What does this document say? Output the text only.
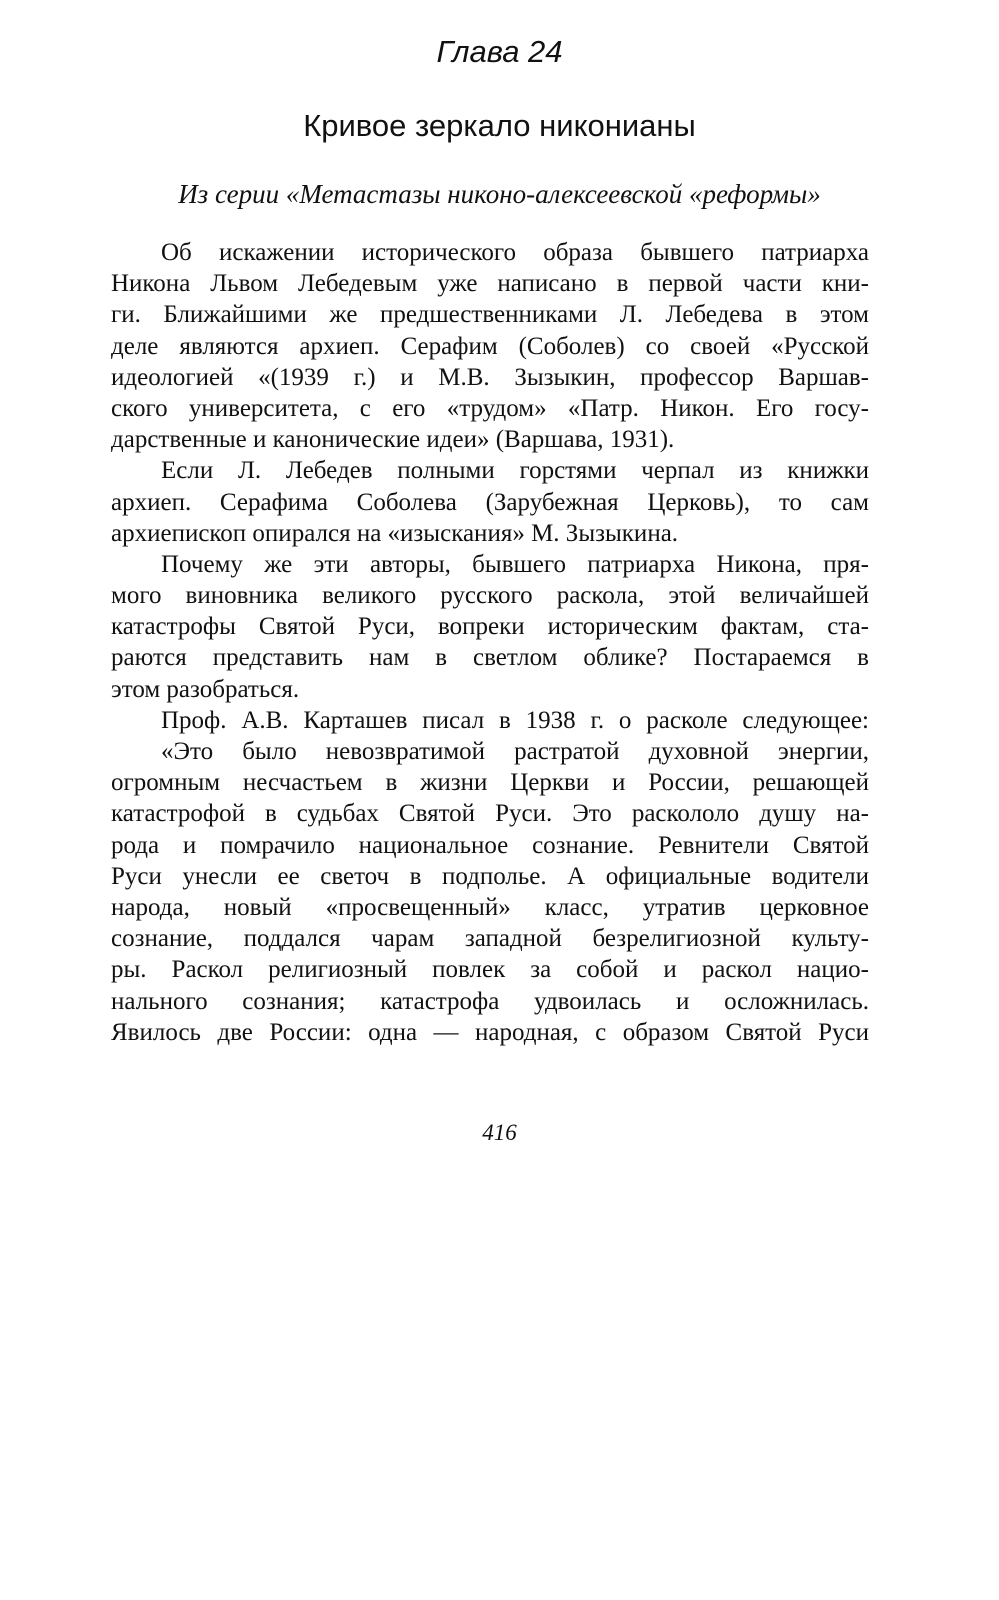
Глава 24
Кривое зеркало никонианы
Из серии «Метастазы никоно-алексеевской «реформы»
Об искажении исторического образа бывшего патриарха
Никона Львом Лебедевым уже написано в первой части кни-
ги. Ближайшими же предшественниками Л. Лебедева в этом
деле являются архиеп. Серафим (Соболев) со своей «Русской
идеологией «(1939 г.) и М.В. Зызыкин, профессор Варшав-
ского университета, с его «трудом» «Патр. Никон. Его госу-
дарственные и канонические идеи» (Варшава, 1931).
Если Л. Лебедев полными горстями черпал из книжки
архиеп. Серафима Соболева (Зарубежная Церковь), то сам
архиепископ опирался на «изыскания» М. Зызыкина.
Почему же эти авторы, бывшего патриарха Никона, пря-
мого виновника великого русского раскола, этой величайшей
катастрофы Святой Руси, вопреки историческим фактам, ста-
раются представить нам в светлом облике? Постараемся в
этом разобраться.
Проф. А.В. Карташев писал в 1938 г. о расколе следующее:
«Это было невозвратимой растратой духовной энергии,
огромным несчастьем в жизни Церкви и России, решающей
катастрофой в судьбах Святой Руси. Это раскололо душу на-
рода и помрачило национальное сознание. Ревнители Святой
Руси унесли ее светоч в подполье. А официальные водители
народа, новый «просвещенный» класс, утратив церковное
сознание, поддался чарам западной безрелигиозной культу-
ры. Раскол религиозный повлек за собой и раскол нацио-
нального сознания; катастрофа удвоилась и осложнилась.
Явилось две России: одна — народная, с образом Святой Руси
416
